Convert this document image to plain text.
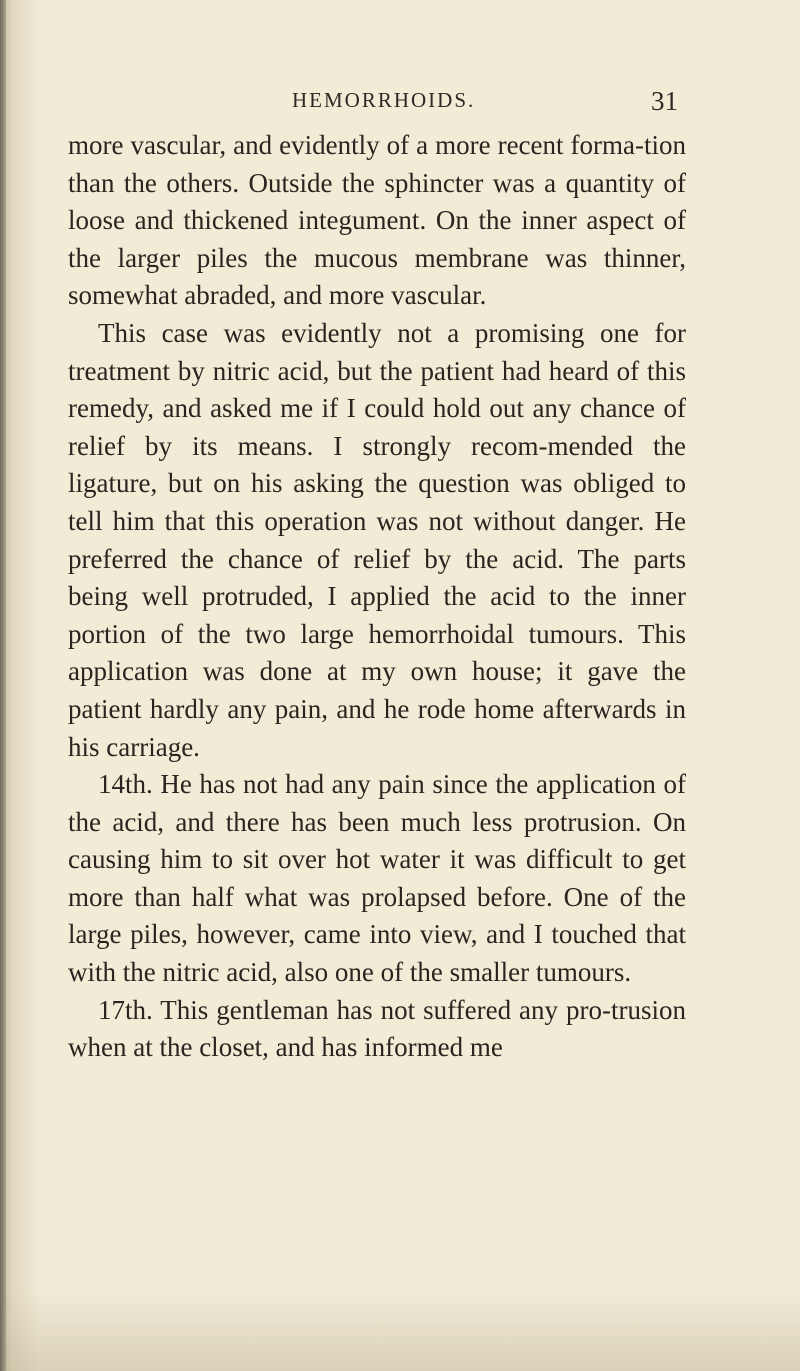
HEMORRHOIDS.	31

more vascular, and evidently of a more recent forma-tion than the others. Outside the sphincter was a quantity of loose and thickened integument. On the inner aspect of the larger piles the mucous membrane was thinner, somewhat abraded, and more vascular.

This case was evidently not a promising one for treatment by nitric acid, but the patient had heard of this remedy, and asked me if I could hold out any chance of relief by its means. I strongly recom-mended the ligature, but on his asking the question was obliged to tell him that this operation was not without danger. He preferred the chance of relief by the acid. The parts being well protruded, I applied the acid to the inner portion of the two large hemorrhoidal tumours. This application was done at my own house; it gave the patient hardly any pain, and he rode home afterwards in his carriage.

14th. He has not had any pain since the application of the acid, and there has been much less protrusion. On causing him to sit over hot water it was difficult to get more than half what was prolapsed before. One of the large piles, however, came into view, and I touched that with the nitric acid, also one of the smaller tumours.

17th. This gentleman has not suffered any pro-trusion when at the closet, and has informed me
